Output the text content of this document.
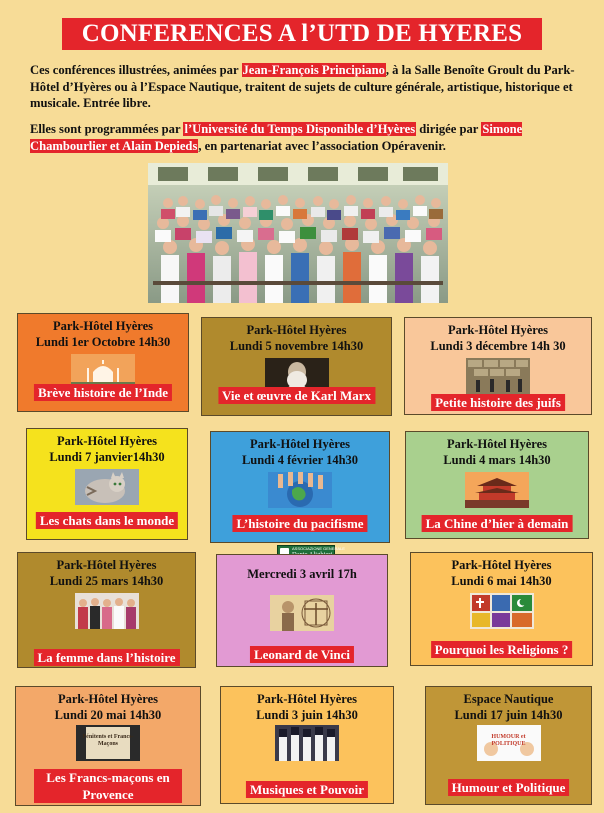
CONFERENCES A l’UTD DE HYERES
Ces conférences illustrées, animées par Jean-François Principiano, à la Salle Benoîte Groult du Park-Hôtel d’Hyères ou à l’Espace Nautique, traitent de sujets de culture générale, artistique, historique et musicale. Entrée libre.
Elles sont programmées par l’Université du Temps Disponible d’Hyères dirigée par Simone Chambourlier et Alain Depieds, en partenariat avec l’association Opéravenir.
ASSOCIAZIONE GENERALE
Park-Hôtel Hyères
Lundi 1er Octobre 14h30
Brève histoire de l’Inde
Park-Hôtel Hyères
Lundi 5 novembre 14h30
Vie et œuvre de Karl Marx
Park-Hôtel Hyères
Lundi 3 décembre 14h 30
Petite histoire des juifs
Park-Hôtel Hyères
Lundi 7 janvier14h30
Les chats dans le monde
Park-Hôtel Hyères
Lundi 4 février 14h30
L’histoire du pacifisme
Park-Hôtel Hyères
Lundi 4 mars 14h30
La Chine d’hier à demain
Park-Hôtel Hyères
Lundi 25 mars 14h30
La femme dans l’histoire
Mercredi 3 avril 17h
Leonard de Vinci
Park-Hôtel Hyères
Lundi 6 mai 14h30
Pourquoi les Religions ?
Park-Hôtel Hyères
Lundi 20 mai 14h30
Pénitents et Francs-Maçons
Les Francs-maçons en Provence
Park-Hôtel Hyères
Lundi 3 juin 14h30
Musiques et Pouvoir
Espace Nautique
Lundi 17 juin 14h30
HUMOUR et POLITIQUE
Humour et Politique
